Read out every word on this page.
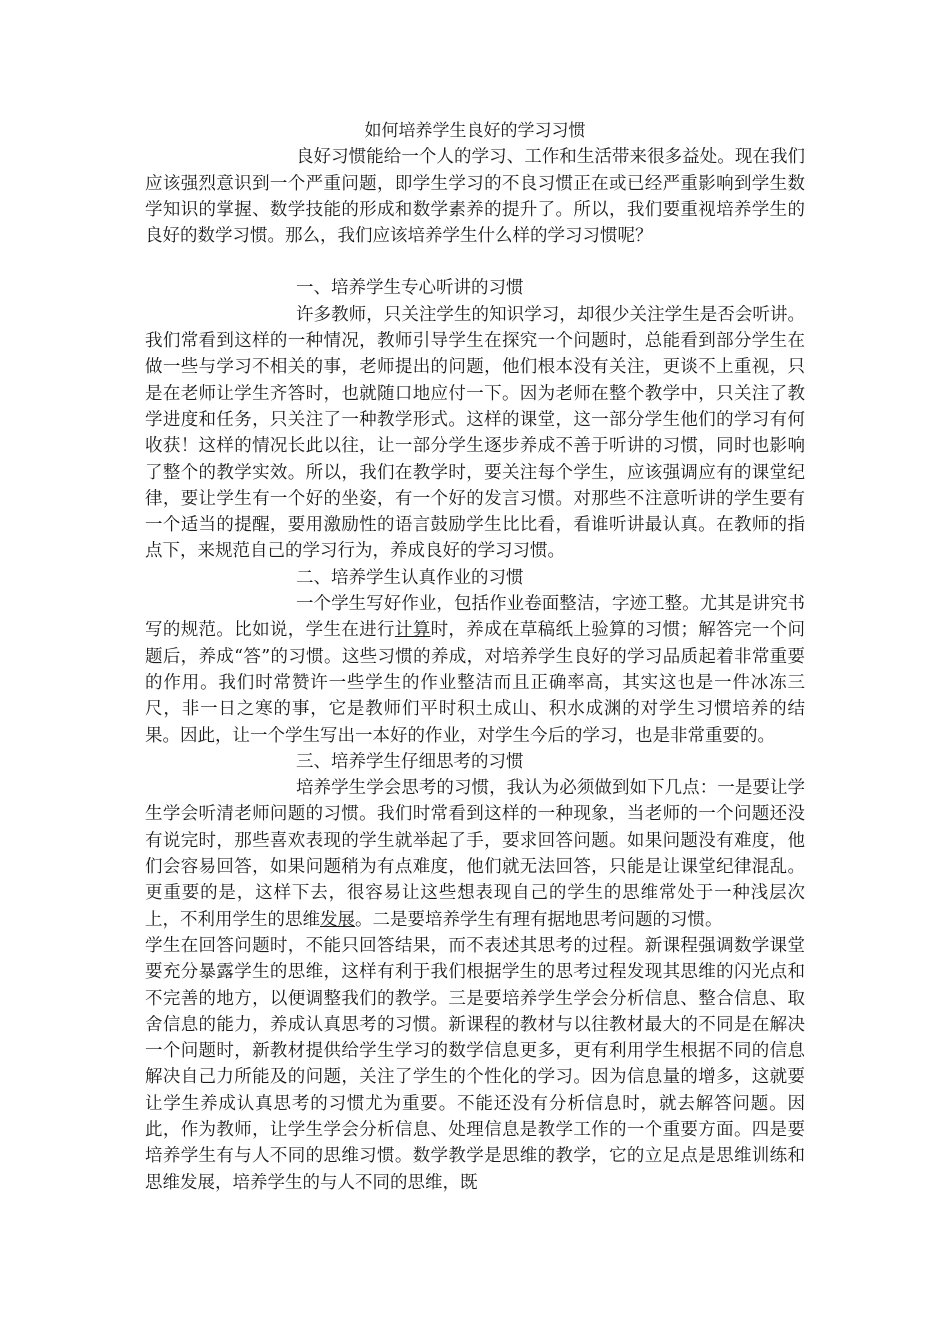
如何培养学生良好的学习习惯

良好习惯能给一个人的学习、工作和生活带来很多益处。现在我们应该强烈意识到一个严重问题，即学生学习的不良习惯正在或已经严重影响到学生数学知识的掌握、数学技能的形成和数学素养的提升了。所以，我们要重视培养学生的良好的数学习惯。那么，我们应该培养学生什么样的学习习惯呢？

一、培养学生专心听讲的习惯

许多教师，只关注学生的知识学习，却很少关注学生是否会听讲。我们常看到这样的一种情况，教师引导学生在探究一个问题时，总能看到部分学生在做一些与学习不相关的事，老师提出的问题，他们根本没有关注，更谈不上重视，只是在老师让学生齐答时，也就随口地应付一下。因为老师在整个教学中，只关注了教学进度和任务，只关注了一种教学形式。这样的课堂，这一部分学生他们的学习有何收获！这样的情况长此以往，让一部分学生逐步养成不善于听讲的习惯，同时也影响了整个的教学实效。所以，我们在教学时，要关注每个学生，应该强调应有的课堂纪律，要让学生有一个好的坐姿，有一个好的发言习惯。对那些不注意听讲的学生要有一个适当的提醒，要用激励性的语言鼓励学生比比看，看谁听讲最认真。在教师的指点下，来规范自己的学习行为，养成良好的学习习惯。

二、培养学生认真作业的习惯

一个学生写好作业，包括作业卷面整洁，字迹工整。尤其是讲究书写的规范。比如说，学生在进行计算时，养成在草稿纸上验算的习惯；解答完一个问题后，养成“答”的习惯。这些习惯的养成，对培养学生良好的学习品质起着非常重要的作用。我们时常赞许一些学生的作业整洁而且正确率高，其实这也是一件冰冻三尺，非一日之寒的事，它是教师们平时积土成山、积水成渊的对学生习惯培养的结果。因此，让一个学生写出一本好的作业，对学生今后的学习，也是非常重要的。

三、培养学生仔细思考的习惯

培养学生学会思考的习惯，我认为必须做到如下几点：一是要让学生学会听清老师问题的习惯。我们时常看到这样的一种现象，当老师的一个问题还没有说完时，那些喜欢表现的学生就举起了手，要求回答问题。如果问题没有难度，他们会容易回答，如果问题稍为有点难度，他们就无法回答，只能是让课堂纪律混乱。更重要的是，这样下去，很容易让这些想表现自己的学生的思维常处于一种浅层次上，不利用学生的思维发展。二是要培养学生有理有据地思考问题的习惯。

学生在回答问题时，不能只回答结果，而不表述其思考的过程。新课程强调数学课堂要充分暴露学生的思维，这样有利于我们根据学生的思考过程发现其思维的闪光点和不完善的地方，以便调整我们的教学。三是要培养学生学会分析信息、整合信息、取舍信息的能力，养成认真思考的习惯。新课程的教材与以往教材最大的不同是在解决一个问题时，新教材提供给学生学习的数学信息更多，更有利用学生根据不同的信息解决自己力所能及的问题，关注了学生的个性化的学习。因为信息量的增多，这就要让学生养成认真思考的习惯尤为重要。不能还没有分析信息时，就去解答问题。因此，作为教师，让学生学会分析信息、处理信息是教学工作的一个重要方面。四是要培养学生有与人不同的思维习惯。数学教学是思维的教学，它的立足点是思维训练和思维发展，培养学生的与人不同的思维，既
